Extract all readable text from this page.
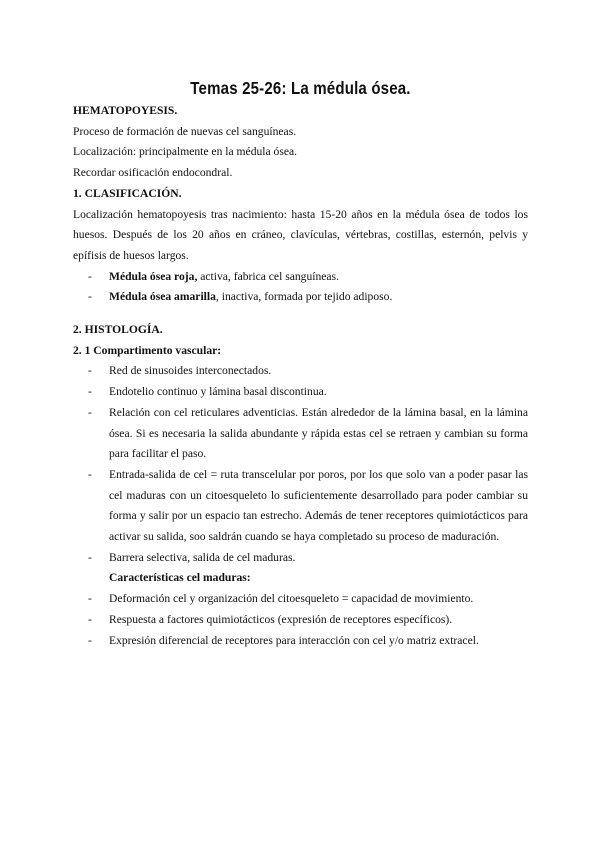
Temas 25-26: La médula ósea.

HEMATOPOYESIS.

Proceso de formación de nuevas cel sanguíneas.

Localización: principalmente en la médula ósea.

Recordar osificación endocondral.

1. CLASIFICACIÓN.

Localización hematopoyesis tras nacimiento: hasta 15-20 años en la médula ósea de todos los huesos. Después de los 20 años en cráneo, clavículas, vértebras, costillas, esternón, pelvis y epífisis de huesos largos.

- Médula ósea roja, activa, fabrica cel sanguíneas.
- Médula ósea amarilla, inactiva, formada por tejido adiposo.

2. HISTOLOGÍA.

2. 1 Compartimento vascular:

- Red de sinusoides interconectados.
- Endotelio continuo y lámina basal discontinua.
- Relación con cel reticulares adventicias. Están alrededor de la lámina basal, en la lámina ósea. Si es necesaria la salida abundante y rápida estas cel se retraen y cambian su forma para facilitar el paso.
- Entrada-salida de cel = ruta transcelular por poros, por los que solo van a poder pasar las cel maduras con un citoesqueleto lo suficientemente desarrollado para poder cambiar su forma y salir por un espacio tan estrecho. Además de tener receptores quimiotácticos para activar su salida, soo saldrán cuando se haya completado su proceso de maduración.
- Barrera selectiva, salida de cel maduras.

Características cel maduras:

- Deformación cel y organización del citoesqueleto = capacidad de movimiento.
- Respuesta a factores quimiotácticos (expresión de receptores específicos).
- Expresión diferencial de receptores para interacción con cel y/o matriz extracel.
